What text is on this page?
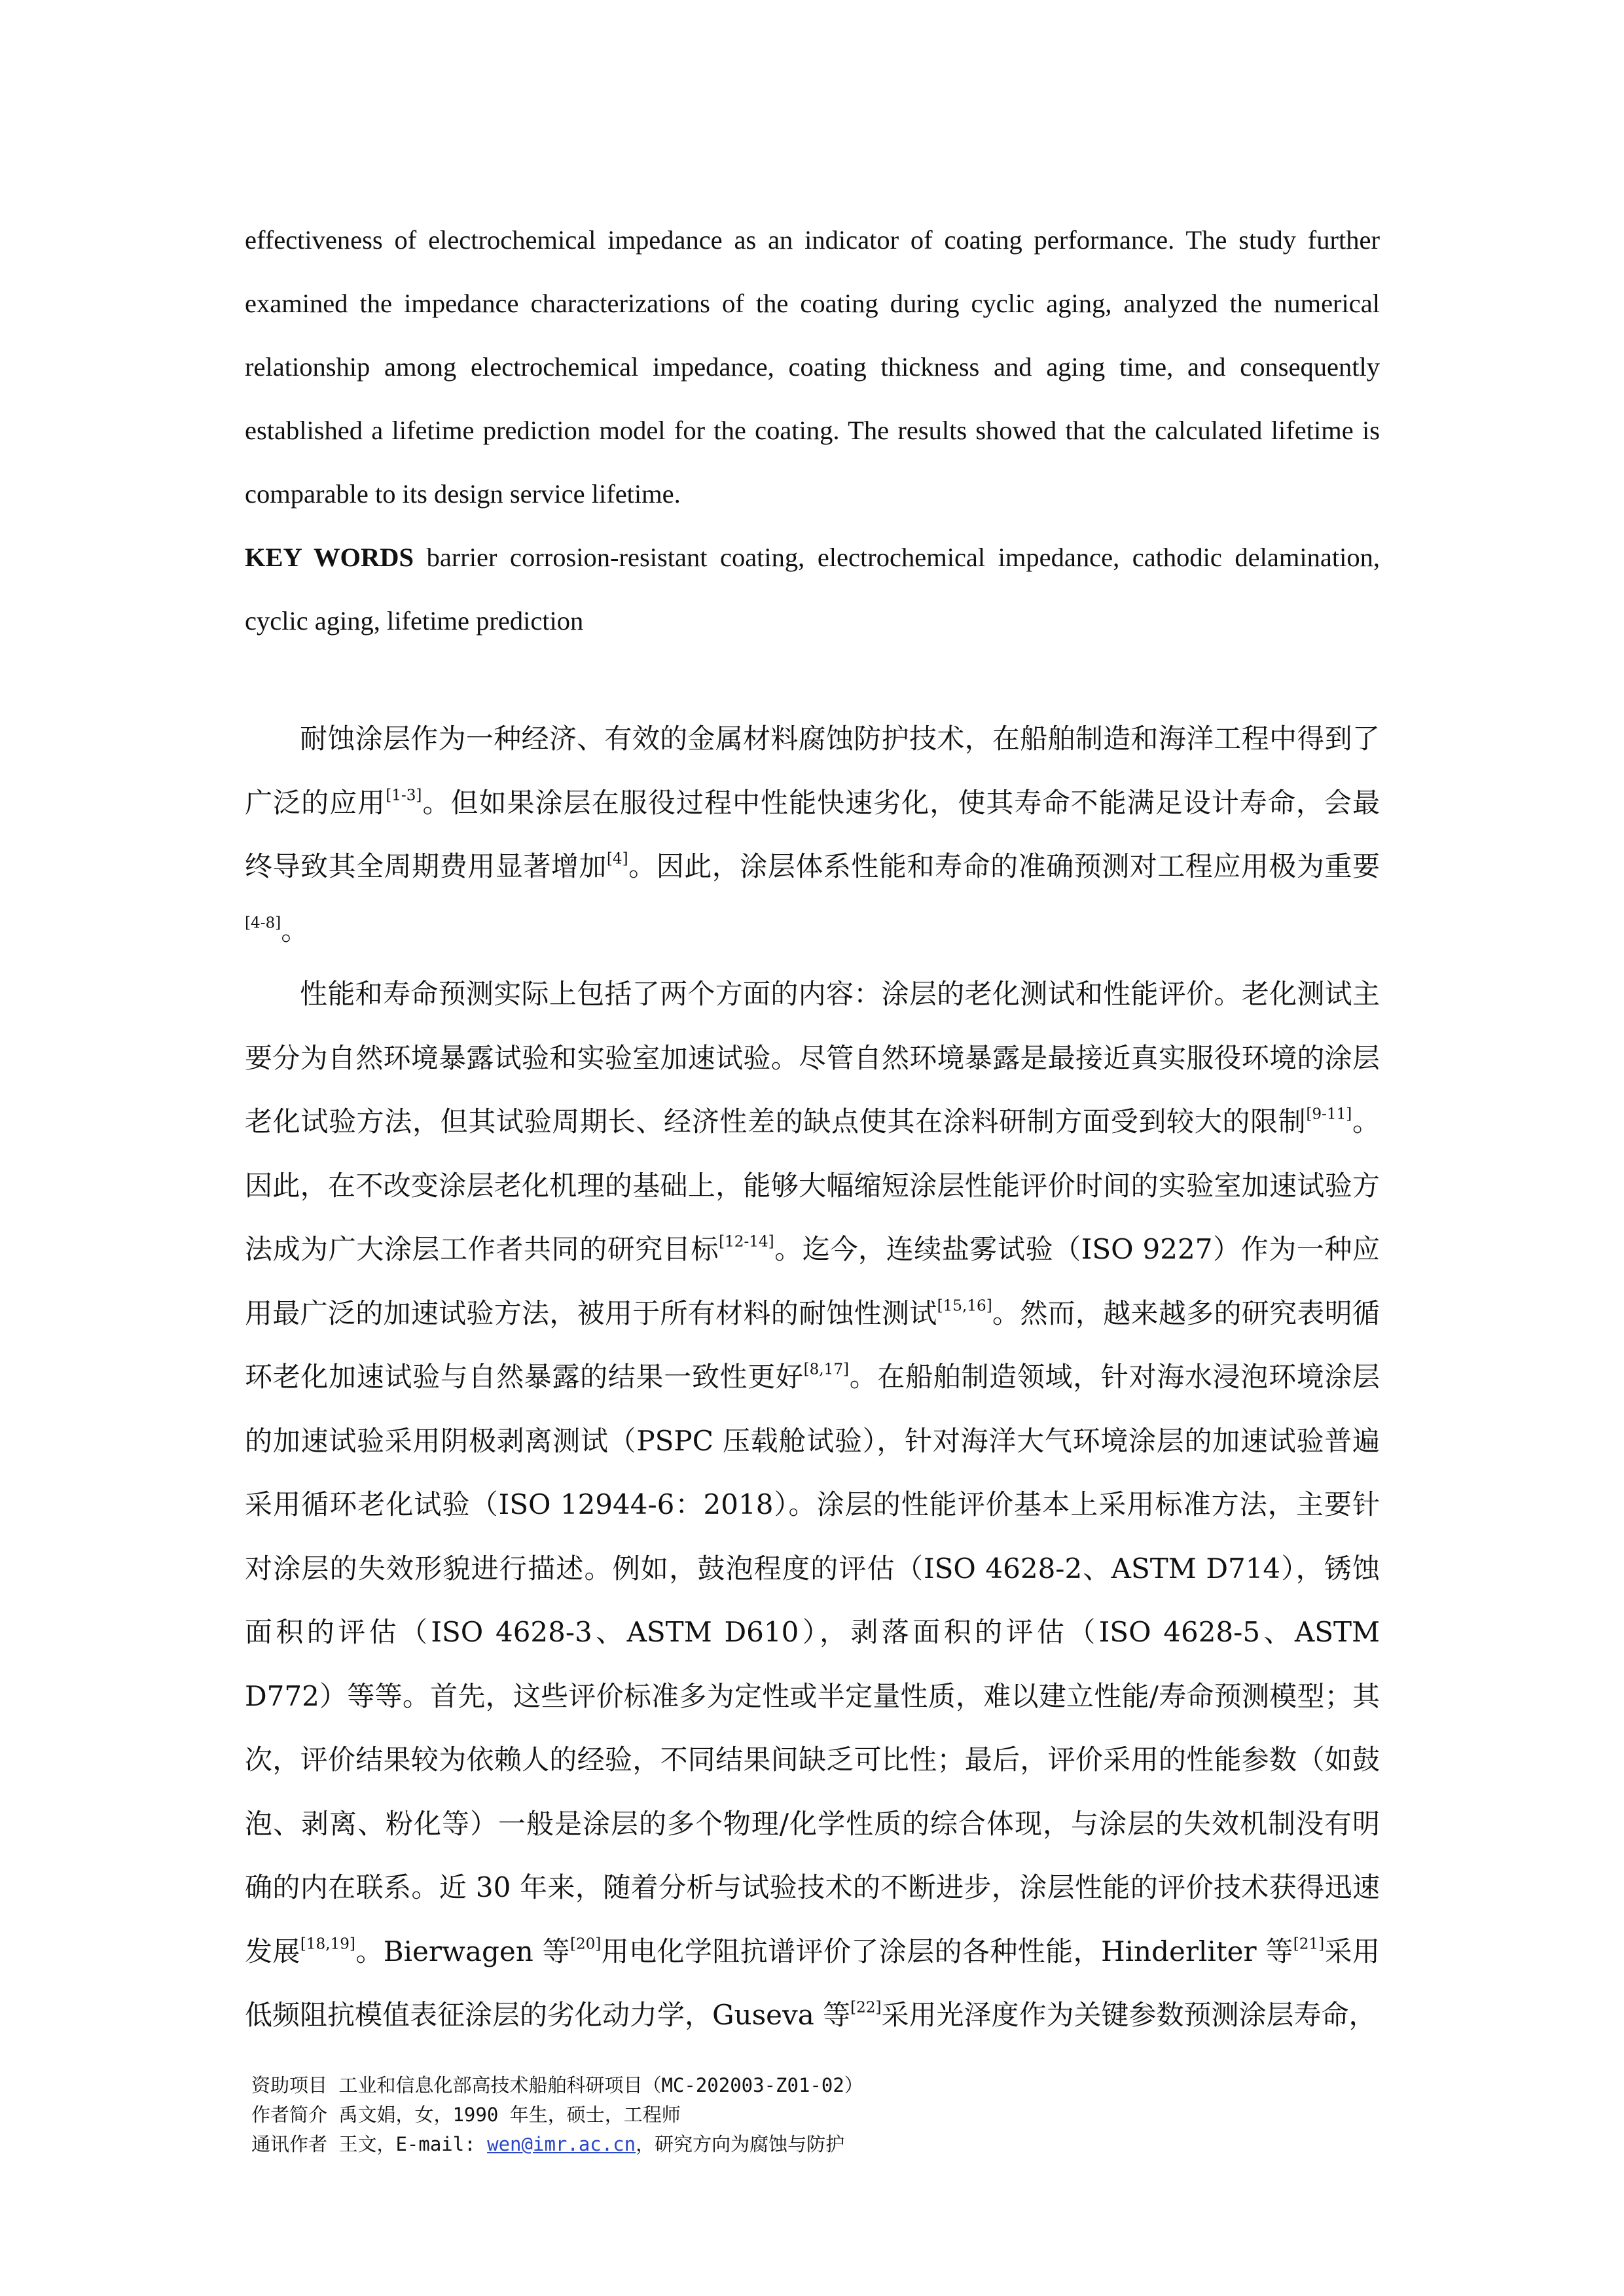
effectiveness of electrochemical impedance as an indicator of coating performance. The study further examined the impedance characterizations of the coating during cyclic aging, analyzed the numerical relationship among electrochemical impedance, coating thickness and aging time, and consequently established a lifetime prediction model for the coating. The results showed that the calculated lifetime is comparable to its design service lifetime.

KEY WORDS barrier corrosion-resistant coating, electrochemical impedance, cathodic delamination, cyclic aging, lifetime prediction

耐蚀涂层作为一种经济、有效的金属材料腐蚀防护技术，在船舶制造和海洋工程中得到了广泛的应用[1-3]。但如果涂层在服役过程中性能快速劣化，使其寿命不能满足设计寿命，会最终导致其全周期费用显著增加[4]。因此，涂层体系性能和寿命的准确预测对工程应用极为重要[4-8]。

性能和寿命预测实际上包括了两个方面的内容：涂层的老化测试和性能评价。老化测试主要分为自然环境暴露试验和实验室加速试验。尽管自然环境暴露是最接近真实服役环境的涂层老化试验方法，但其试验周期长、经济性差的缺点使其在涂料研制方面受到较大的限制[9-11]。因此，在不改变涂层老化机理的基础上，能够大幅缩短涂层性能评价时间的实验室加速试验方法成为广大涂层工作者共同的研究目标[12-14]。迄今，连续盐雾试验（ISO 9227）作为一种应用最广泛的加速试验方法，被用于所有材料的耐蚀性测试[15,16]。然而，越来越多的研究表明循环老化加速试验与自然暴露的结果一致性更好[8,17]。在船舶制造领域，针对海水浸泡环境涂层的加速试验采用阴极剥离测试（PSPC 压载舱试验），针对海洋大气环境涂层的加速试验普遍采用循环老化试验（ISO 12944-6：2018）。涂层的性能评价基本上采用标准方法，主要针对涂层的失效形貌进行描述。例如，鼓泡程度的评估（ISO 4628-2、ASTM D714），锈蚀面积的评估（ISO 4628-3、ASTM D610），剥落面积的评估（ISO 4628-5、ASTM D772）等等。首先，这些评价标准多为定性或半定量性质，难以建立性能/寿命预测模型；其次，评价结果较为依赖人的经验，不同结果间缺乏可比性；最后，评价采用的性能参数（如鼓泡、剥离、粉化等）一般是涂层的多个物理/化学性质的综合体现，与涂层的失效机制没有明确的内在联系。近 30 年来，随着分析与试验技术的不断进步，涂层性能的评价技术获得迅速发展[18,19]。Bierwagen 等[20]用电化学阻抗谱评价了涂层的各种性能，Hinderliter 等[21]采用低频阻抗模值表征涂层的劣化动力学，Guseva 等[22]采用光泽度作为关键参数预测涂层寿命，

资助项目 工业和信息化部高技术船舶科研项目（MC-202003-Z01-02）
作者简介 禹文娟，女，1990 年生，硕士，工程师
通讯作者 王文，E-mail: wen@imr.ac.cn，研究方向为腐蚀与防护
